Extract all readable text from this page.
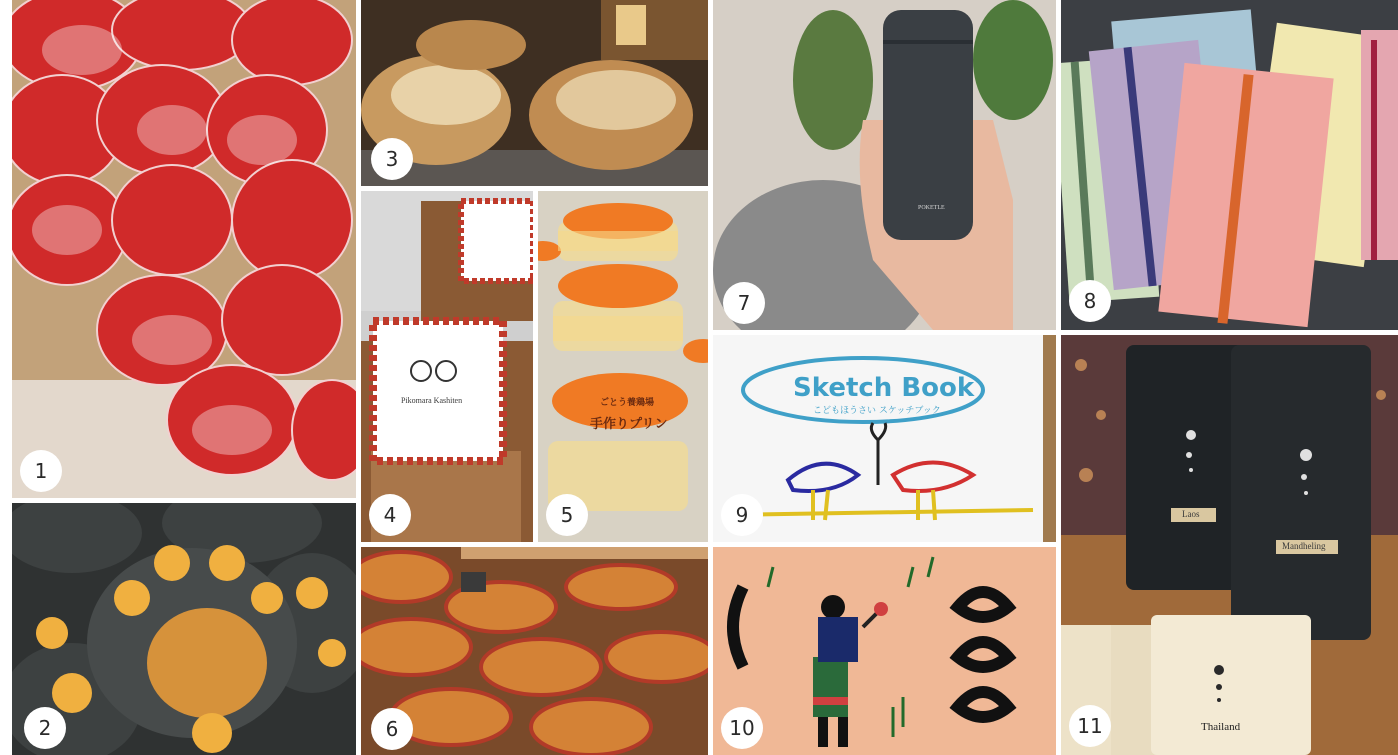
1
2
3
Pikomara Kashiten
4
手作りプリン
ごとう養鶏場
5
6
POKETLE
7	8
Sketch Book
こどもほうさい スケッチブック
9
10
Laos
Mandheling
Thailand
11
